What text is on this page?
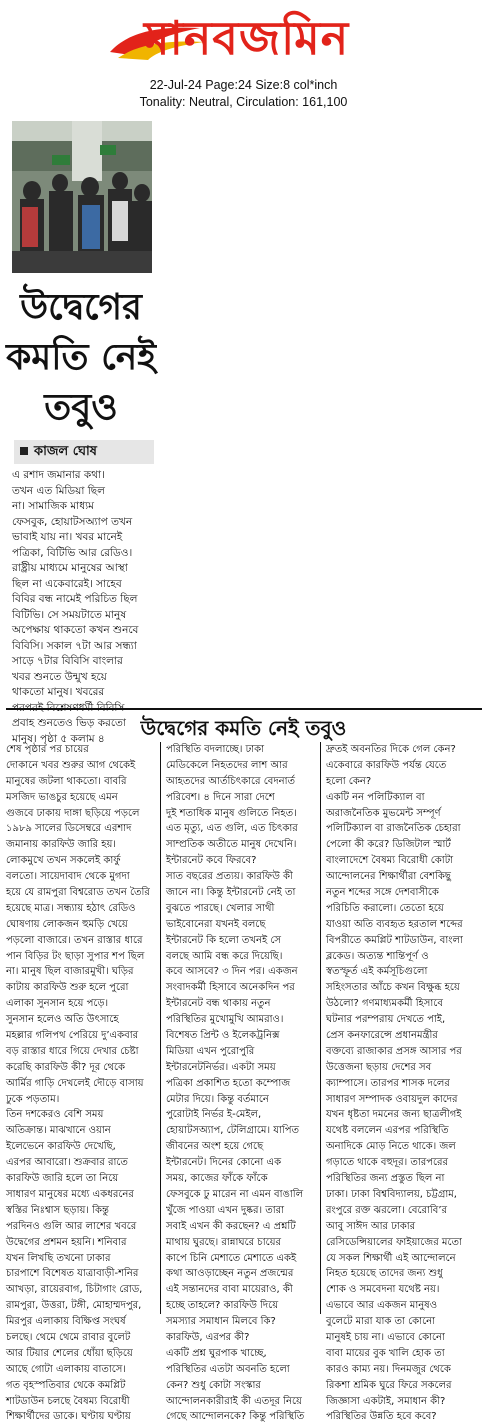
মানবজমিন
22-Jul-24 Page:24 Size:8 col*inch
Tonality: Neutral, Circulation: 161,100
উদ্বেগের
কমতি নেই
তবুও
কাজল ঘোষ
এ রশাদ জমানার কথা।
তখন এত মিডিয়া ছিল
না। সামাজিক মাধ্যম
ফেসবুক, হোয়াটসঅ্যাপ তখন
ভাবাই যায় না। খবর মানেই
পত্রিকা, বিটিভি আর রেডিও।
রাষ্ট্রীয় মাধ্যমে মানুষের আস্থা
ছিল না একেবারেই। সাহেব
বিবির বন্ধ নামেই পরিচিত ছিল
বিটিভি। সে সময়টাতে মানুষ
অপেক্ষায় থাকতো কখন শুনবে
বিবিসি। সকাল ৭টা আর সন্ধ্যা
সাড়ে ৭টার বিবিসি বাংলার
খবর শুনতে উন্মুখ হয়ে
থাকতো মানুষ। খবরের
প্রবাহ শুনতেও ভিড় করতো
মানুষ। পৃষ্ঠা ৫ কলাম ৪	উদ্বেগের কমতি নেই তবুও
শেষ পৃষ্ঠার পর চায়ের
দোকানে খবর শুরুর আগ থেকেই
মানুষের জটলা থাকতো। বাবরি
মসজিদ ভাঙচুর হয়েছে এমন
গুজবে ঢাকায় দাঙ্গা ছড়িয়ে পড়লে
১৯৮৯ সালের ডিসেম্বরে এরশাদ
জমানায় কারফিউ জারি হয়।
লোকমুখে তখন সকলেই কার্ফু
বলতো। সায়েদাবাদ থেকে মুগদা
হয়ে যে রামপুরা বিশ্বরোড তখন তৈরি
হয়েছে মাত্র। সন্ধ্যায় হঠাৎ রেডিও
ঘোষণায় লোকজন হুমড়ি খেয়ে
পড়লো বাজারে। তখন রাস্তার ধারে
পান বিড়ির টং ছাড়া সুপার শপ ছিল
না। মানুষ ছিল বাজারমুখী। ঘড়ির
কাটায় কারফিউ শুরু হলে পুরো
এলাকা সুনসান হয়ে পড়ে।
সুনসান হলেও অতি উৎসাহে
মহল্লার গলিপথ পেরিয়ে দু’একবার
বড় রাস্তার ধারে গিয়ে দেখার চেষ্টা
করেছি কারফিউ কী? দূর থেকে
আর্মির গাড়ি দেখলেই দৌড়ে বাসায়
ঢুকে পড়তাম।
তিন দশকেরও বেশি সময়
অতিক্রান্ত। মাঝখানে ওয়ান
ইলেভেনে কারফিউ দেখেছি,
এরপর আবারো। শুক্রবার রাতে
কারফিউ জারি হলে তা নিয়ে
সাধারণ মানুষের মধ্যে একধরনের
স্বস্তির নিঃশ্বাস ছড়ায়। কিন্তু
পরদিনও গুলি আর লাশের খবরে
উদ্বেগের প্রশমন হয়নি। শনিবার
যখন লিখছি তখনো ঢাকার
চারপাশে বিশেষত যাত্রাবাড়ী-শনির
আখড়া, রায়েরবাগ, চিটাগাং রোড,
রামপুরা, উত্তরা, টঙ্গী, মোহাম্মদপুর,
মিরপুর এলাকায় বিক্ষিপ্ত সংঘর্ষ
চলছে। থেমে থেমে রাবার বুলেট
আর টিয়ার শেলের ধোঁয়া ছড়িয়ে
আছে গোটা এলাকায় বাতাসে।
গত বৃহস্পতিবার থেকে কমপ্লিট
শাটডাউন চলছে বৈষম্য বিরোধী
শিক্ষার্থীদের ডাকে। ঘণ্টায় ঘণ্টায়
পরিস্থিতি বদলাচ্ছে। ঢাকা
মেডিকেলে নিহতদের লাশ আর
আহতদের আর্তচিৎকারে বেদনার্ত
পরিবেশ। ৪ দিনে সারা দেশে
দুই শতাধিক মানুষ গুলিতে নিহত।
এত মৃত্যু, এত গুলি, এত চিৎকার
সাম্প্রতিক অতীতে মানুষ দেখেনি।
ইন্টারনেট কবে ফিরবে?
সাত বছরের প্রত্যয়। কারফিউ কী
জানে না। কিন্তু ইন্টারনেট নেই তা
বুঝতে পারছে। খেলার সাথী
ভাইবোনেরা যখনই বলছে
ইন্টারনেট কি হলো তখনই সে
বলছে আমি বন্ধ করে দিয়েছি।
কবে আসবে? ৩ দিন পর। একজন
সংবাদকর্মী হিসাবে অনেকদিন পর
ইন্টারনেট বন্ধ থাকায় নতুন
পরিস্থিতির মুখোমুখি আমরাও।
বিশেষত প্রিন্ট ও ইলেকট্রনিক্স
মিডিয়া এখন পুরোপুরি
ইন্টারনেটনির্ভর। একটা সময়
পত্রিকা প্রকাশিত হতো কম্পোজ
মেটার দিয়ে। কিন্তু বর্তমানে
পুরোটাই নির্ভর ই-মেইল,
হোয়াটসঅ্যাপ, টেলিগ্রামে। যাপিত
জীবনের অংশ হয়ে গেছে
ইন্টারনেট। দিনের কোনো এক
সময়, কাজের ফাঁকে ফাঁকে
ফেসবুকে ঢু মারেন না এমন বাঙালি
খুঁজে পাওয়া এখন দুষ্কর। তারা
সবাই এখন কী করছেন? এ প্রশ্নটি
মাথায় ঘুরছে। রান্নাঘরে চায়ের
কাপে চিনি মেশাতে মেশাতে একই
কথা আওড়াচ্ছেন নতুন প্রজন্মের
এই সন্তানদের বাবা মায়েরাও, কী
হচ্ছে তাহলে? কারফিউ দিয়ে
সমস্যার সমাধান মিলবে কি?
কারফিউ, এরপর কী?
একটি প্রশ্ন ঘুরপাক খাচ্ছে,
পরিস্থিতির এতটা অবনতি হলো
কেন? শুধু কোটা সংস্কার
আন্দোলনকারীরাই কী এতদূর নিয়ে
গেছে আন্দোলনকে? কিন্তু পরিস্থিতি
দ্রুতই অবনতির দিকে গেল কেন?
একেবারে কারফিউ পর্যন্ত যেতে
হলো কেন?
একটি নন পলিটিক্যাল বা
অরাজনৈতিক মুভমেন্ট সম্পূর্ণ
পলিটিক্যাল বা রাজনৈতিক চেহারা
পেলো কী করে? ডিজিটাল স্মার্ট
বাংলাদেশে বৈষম্য বিরোধী কোটা
আন্দোলনের শিক্ষার্থীরা বেশকিছু
নতুন শব্দের সঙ্গে দেশবাসীকে
পরিচিতি করালো। তেতো হয়ে
যাওয়া অতি ব্যবহৃত হরতাল শব্দের
বিপরীতে কমপ্লিট শাটডাউন, বাংলা
ব্লকেড। অত্যন্ত শান্তিপূর্ণ ও
স্বতস্ফূর্ত এই কর্মসূচিগুলো
সহিংসতার আঁচে কখন বিক্ষুব্ধ হয়ে
উঠলো? গণমাধ্যমকর্মী হিসাবে
ঘটনার পরম্পরায় দেখতে পাই,
প্রেস কনফারেন্সে প্রধানমন্ত্রীর
বক্তব্যে রাজাকার প্রসঙ্গ আসার পর
উত্তেজনা ছড়ায় দেশের সব
ক্যাম্পাসে। তারপর শাসক দলের
সাধারণ সম্পাদক ওবায়দুল কাদের
যখন ধৃষ্টতা দমনের জন্য ছাত্রলীগই
যথেষ্ট বললেন এরপর পরিস্থিতি
অনাদিকে মোড় নিতে থাকে। জল
গড়াতে থাকে বহুদূর। তারপরের
পরিস্থিতির জন্য প্রস্তুত ছিল না
ঢাকা। ঢাকা বিশ্ববিদ্যালয়, চট্টগ্রাম,
রংপুরে রক্ত ঝরলো। বেরোবি’র
আবু সাঈদ আর ঢাকার
রেসিডেন্সিয়ালের ফাইয়াজের মতো
যে সকল শিক্ষার্থী এই আন্দোলনে
নিহত হয়েছে তাদের জন্য শুধু
শোক ও সমবেদনা যথেষ্ট নয়।
এভাবে আর একজন মানুষও
বুলেটে মারা যাক তা কোনো
মানুষই চায় না। এভাবে কোনো
বাবা মায়ের বুক খালি হোক তা
কারও কাম্য নয়। দিনমজুর থেকে
রিকশা শ্রমিক ঘুরে ফিরে সকলের
জিজ্ঞাসা একটাই, সমাধান কী?
পরিস্থিতির উন্নতি হবে কবে?
